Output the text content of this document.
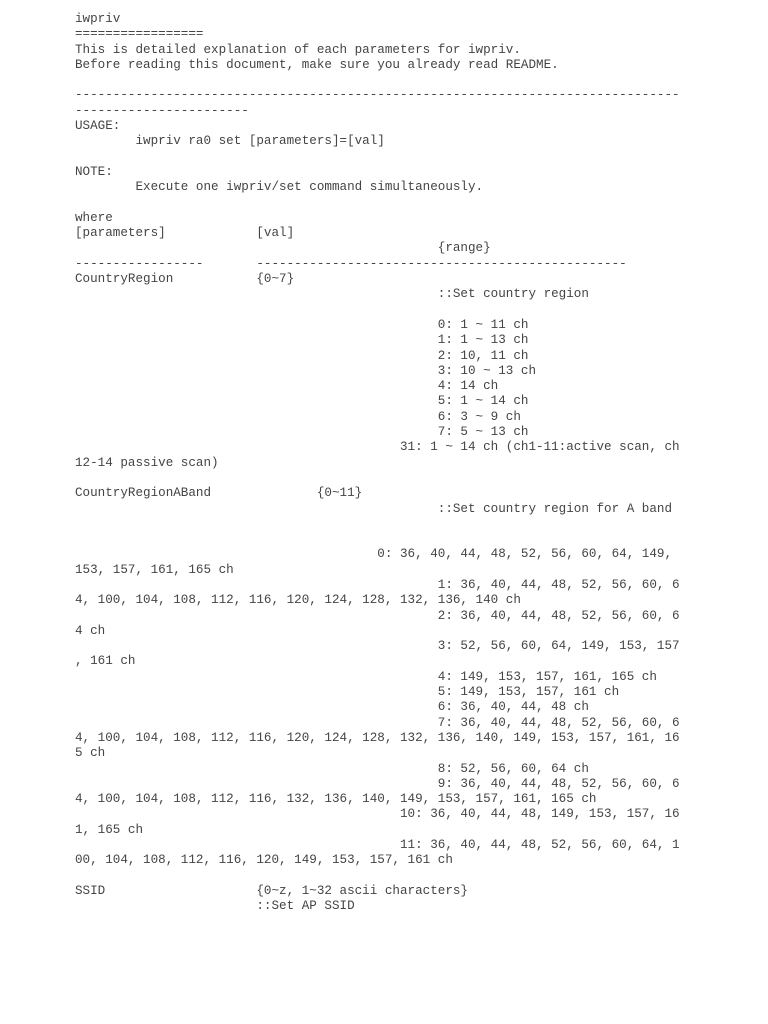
iwpriv
=================
This is detailed explanation of each parameters for iwpriv.
Before reading this document, make sure you already read README.
--------------------------------------------------------------------------------
-----------------------
USAGE:
iwpriv ra0 set [parameters]=[val]
NOTE:
Execute one iwpriv/set command simultaneously.
where
[parameters]            [val]
{range}
-----------------       -------------------------------------------------
CountryRegion           {0~7}
::Set country region
0: 1 ~ 11 ch
1: 1 ~ 13 ch
2: 10, 11 ch
3: 10 ~ 13 ch
4: 14 ch
5: 1 ~ 14 ch
6: 3 ~ 9 ch
7: 5 ~ 13 ch
31: 1 ~ 14 ch (ch1-11:active scan, ch
12-14 passive scan)
CountryRegionABand              {0~11}
::Set country region for A band
0: 36, 40, 44, 48, 52, 56, 60, 64, 149,
153, 157, 161, 165 ch
1: 36, 40, 44, 48, 52, 56, 60, 6
4, 100, 104, 108, 112, 116, 120, 124, 128, 132, 136, 140 ch
2: 36, 40, 44, 48, 52, 56, 60, 6
4 ch
3: 52, 56, 60, 64, 149, 153, 157
, 161 ch
4: 149, 153, 157, 161, 165 ch
5: 149, 153, 157, 161 ch
6: 36, 40, 44, 48 ch
7: 36, 40, 44, 48, 52, 56, 60, 6
4, 100, 104, 108, 112, 116, 120, 124, 128, 132, 136, 140, 149, 153, 157, 161, 16
5 ch
8: 52, 56, 60, 64 ch
9: 36, 40, 44, 48, 52, 56, 60, 6
4, 100, 104, 108, 112, 116, 132, 136, 140, 149, 153, 157, 161, 165 ch
10: 36, 40, 44, 48, 149, 153, 157, 16
1, 165 ch
11: 36, 40, 44, 48, 52, 56, 60, 64, 1
00, 104, 108, 112, 116, 120, 149, 153, 157, 161 ch
SSID                    {0~z, 1~32 ascii characters}
::Set AP SSID
